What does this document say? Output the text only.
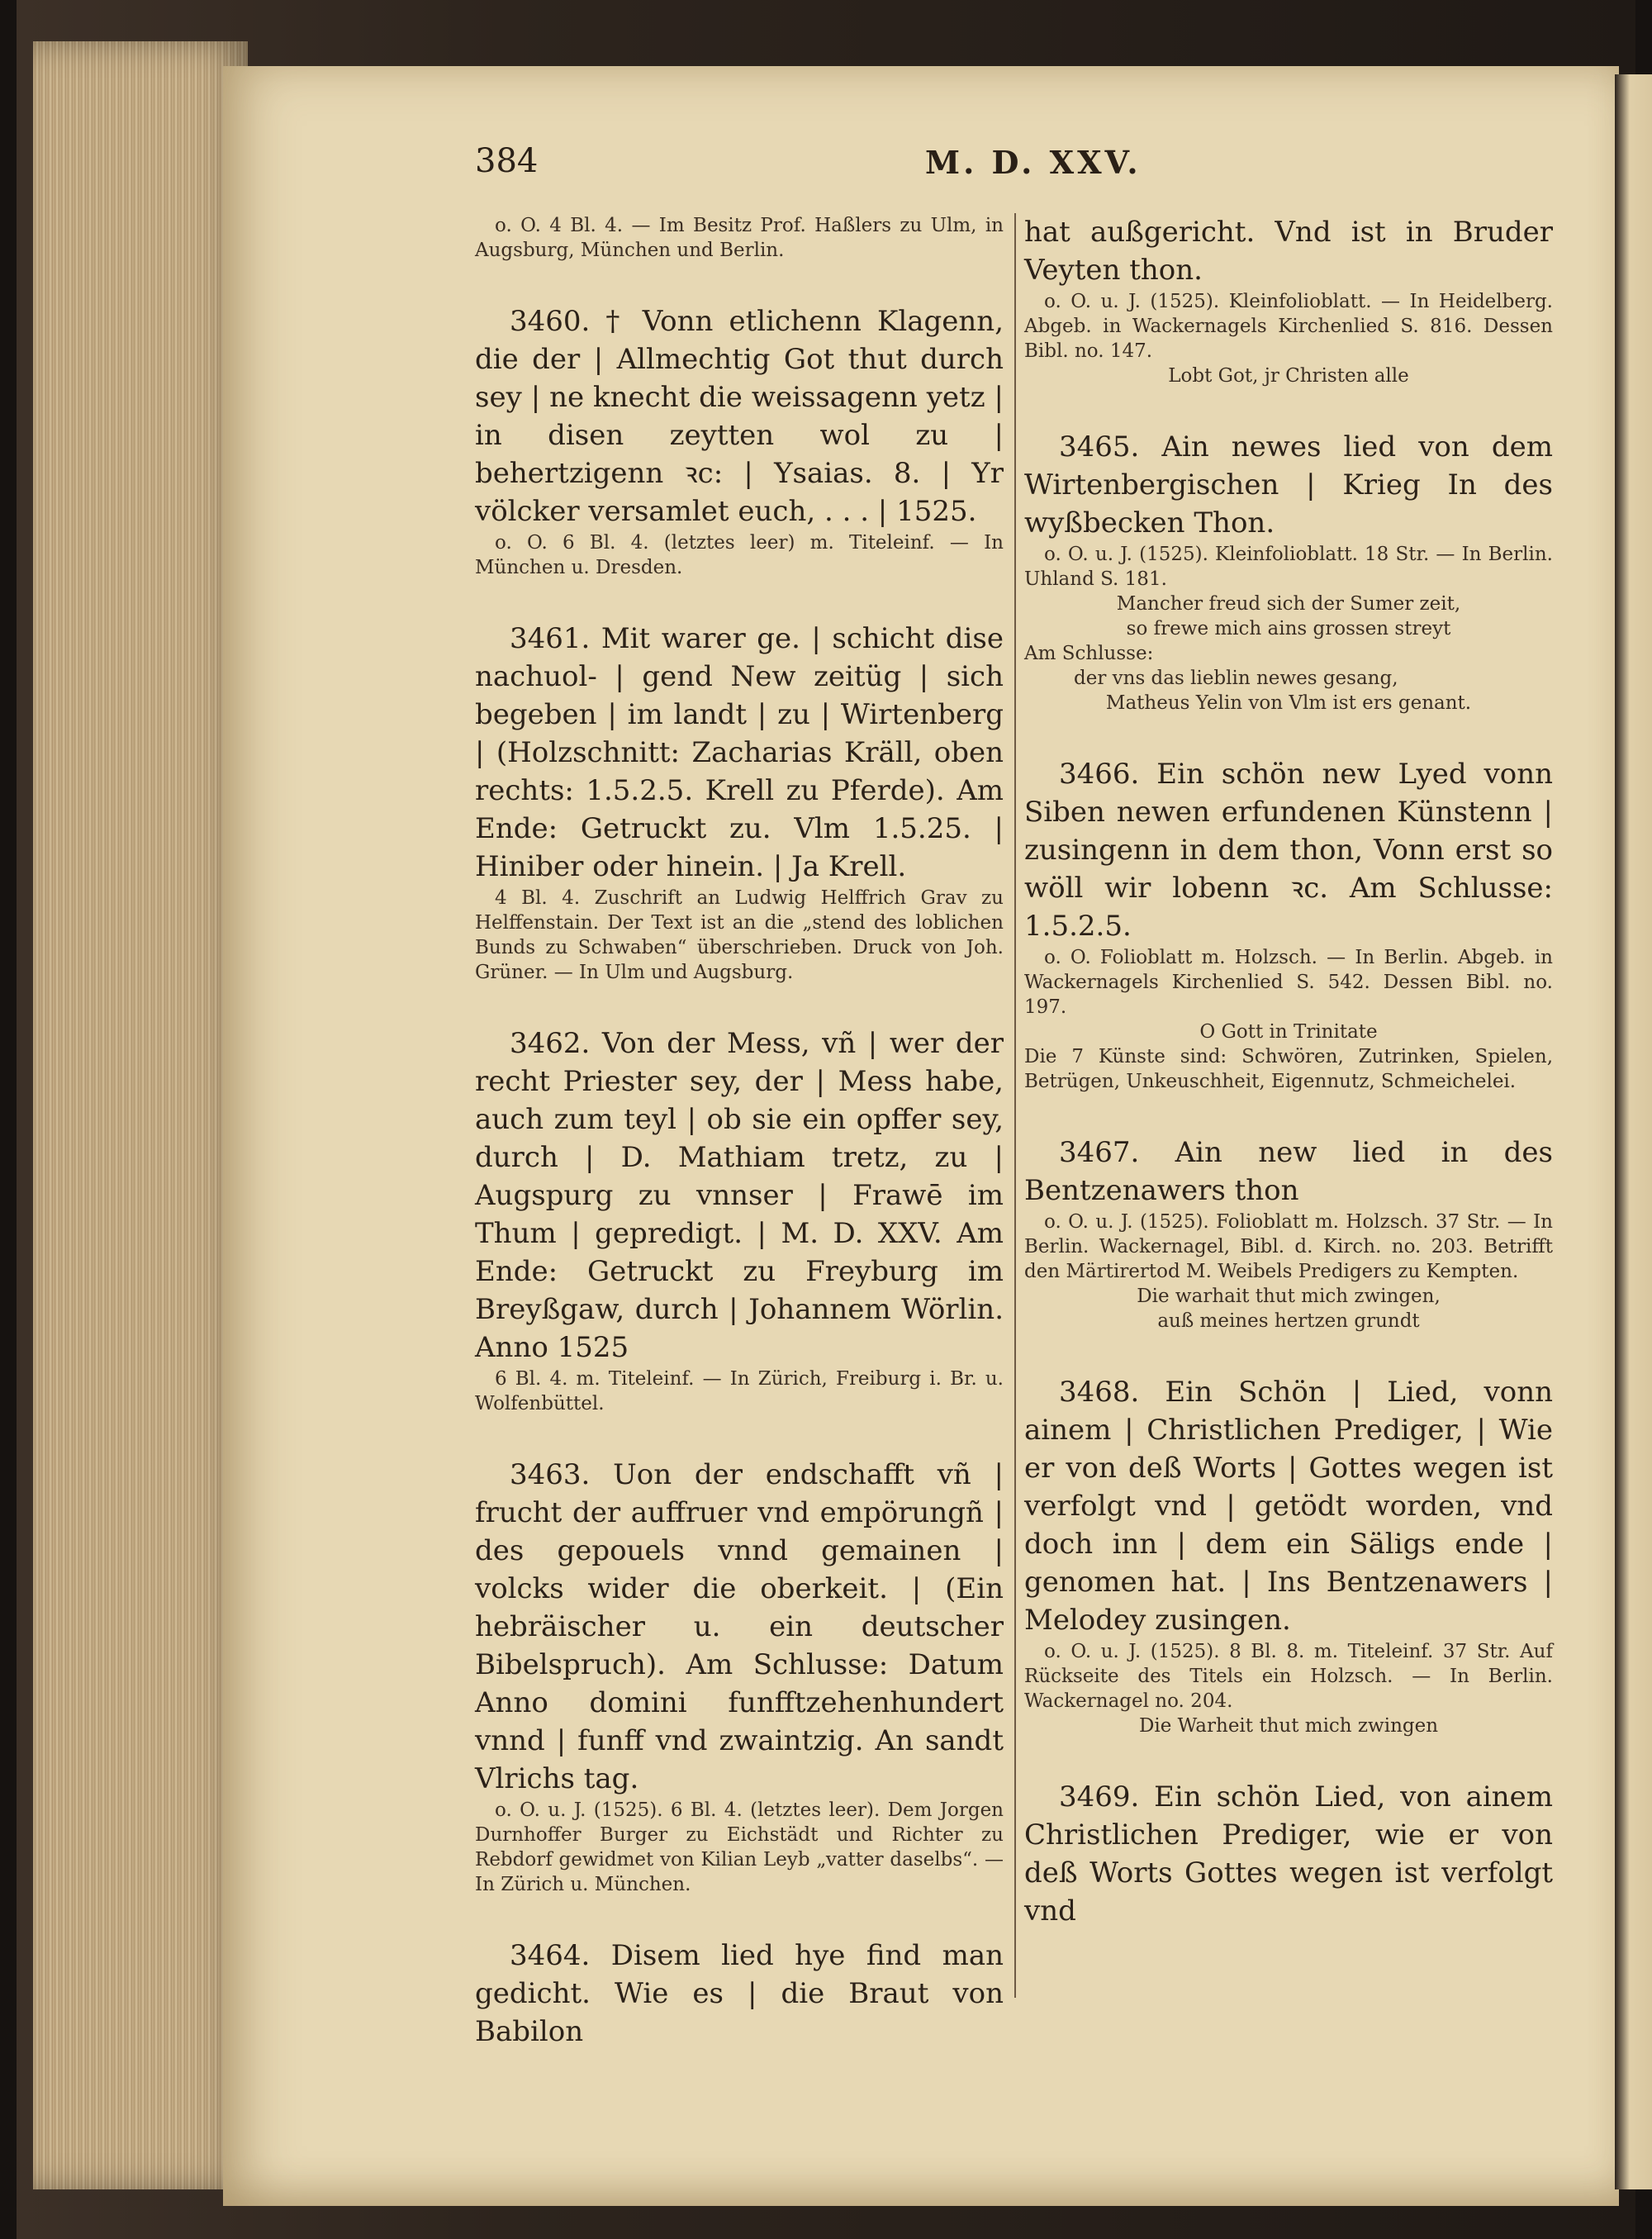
384	M. D. XXV.

o. O. 4 Bl. 4. — Im Besitz Prof. Haßlers zu Ulm, in Augsburg, München und Berlin.

3460. † Vonn etlichenn Klagenn, die der | Allmechtig Got thut durch sey | ne knecht die weissagenn yetz | in disen zeytten wol zu | behertzigenn ꝛc: | Ysaias. 8. | Yr völcker versamlet euch, . . . | 1525.

o. O. 6 Bl. 4. (letztes leer) m. Titeleinf. — In München u. Dresden.

3461. Mit warer ge. | schicht dise nachuol- | gend New zeitüg | sich begeben | im landt | zu | Wirtenberg | (Holzschnitt: Zacharias Kräll, oben rechts: 1.5.2.5. Krell zu Pferde). Am Ende: Getruckt zu. Vlm 1.5.25. | Hiniber oder hinein. | Ja Krell.

4 Bl. 4. Zuschrift an Ludwig Helffrich Grav zu Helffenstain. Der Text ist an die „stend des loblichen Bunds zu Schwaben“ überschrieben. Druck von Joh. Grüner. — In Ulm und Augsburg.

3462. Von der Mess, vñ | wer der recht Priester sey, der | Mess habe, auch zum teyl | ob sie ein opffer sey, durch | D. Mathiam tretz, zu | Augspurg zu vnnser | Frawē im Thum | gepredigt. | M. D. XXV. Am Ende: Getruckt zu Freyburg im Breyßgaw, durch | Johannem Wörlin. Anno 1525

6 Bl. 4. m. Titeleinf. — In Zürich, Freiburg i. Br. u. Wolfenbüttel.

3463. Uon der endschafft vñ | frucht der auffruer vnd empörungñ | des gepouels vnnd gemainen | volcks wider die oberkeit. | (Ein hebräischer u. ein deutscher Bibelspruch). Am Schlusse: Datum Anno domini funfftzehenhundert vnnd | funff vnd zwaintzig. An sandt Vlrichs tag.

o. O. u. J. (1525). 6 Bl. 4. (letztes leer). Dem Jorgen Durnhoffer Burger zu Eichstädt und Richter zu Rebdorf gewidmet von Kilian Leyb „vatter daselbs“. — In Zürich u. München.

3464. Disem lied hye find man gedicht. Wie es | die Braut von Babilon

hat außgericht. Vnd ist in Bruder Veyten thon.

o. O. u. J. (1525). Kleinfolioblatt. — In Heidelberg. Abgeb. in Wackernagels Kirchenlied S. 816. Dessen Bibl. no. 147.

Lobt Got, jr Christen alle

3465. Ain newes lied von dem Wirtenbergischen | Krieg In des wyßbecken Thon.

o. O. u. J. (1525). Kleinfolioblatt. 18 Str. — In Berlin. Uhland S. 181.

Mancher freud sich der Sumer zeit,

so frewe mich ains grossen streyt

Am Schlusse:

der vns das lieblin newes gesang,

Matheus Yelin von Vlm ist ers genant.

3466. Ein schön new Lyed vonn Siben newen erfundenen Künstenn | zusingenn in dem thon, Vonn erst so wöll wir lobenn ꝛc. Am Schlusse: 1.5.2.5.

o. O. Folioblatt m. Holzsch. — In Berlin. Abgeb. in Wackernagels Kirchenlied S. 542. Dessen Bibl. no. 197.

O Gott in Trinitate

Die 7 Künste sind: Schwören, Zutrinken, Spielen, Betrügen, Unkeuschheit, Eigennutz, Schmeichelei.

3467. Ain new lied in des Bentzenawers thon

o. O. u. J. (1525). Folioblatt m. Holzsch. 37 Str. — In Berlin. Wackernagel, Bibl. d. Kirch. no. 203. Betrifft den Märtirertod M. Weibels Predigers zu Kempten.

Die warhait thut mich zwingen,

auß meines hertzen grundt

3468. Ein Schön | Lied, vonn ainem | Christlichen Prediger, | Wie er von deß Worts | Gottes wegen ist verfolgt vnd | getödt worden, vnd doch inn | dem ein Säligs ende | genomen hat. | Ins Bentzenawers | Melodey zusingen.

o. O. u. J. (1525). 8 Bl. 8. m. Titeleinf. 37 Str. Auf Rückseite des Titels ein Holzsch. — In Berlin. Wackernagel no. 204.

Die Warheit thut mich zwingen

3469. Ein schön Lied, von ainem Christlichen Prediger, wie er von deß Worts Gottes wegen ist verfolgt vnd
